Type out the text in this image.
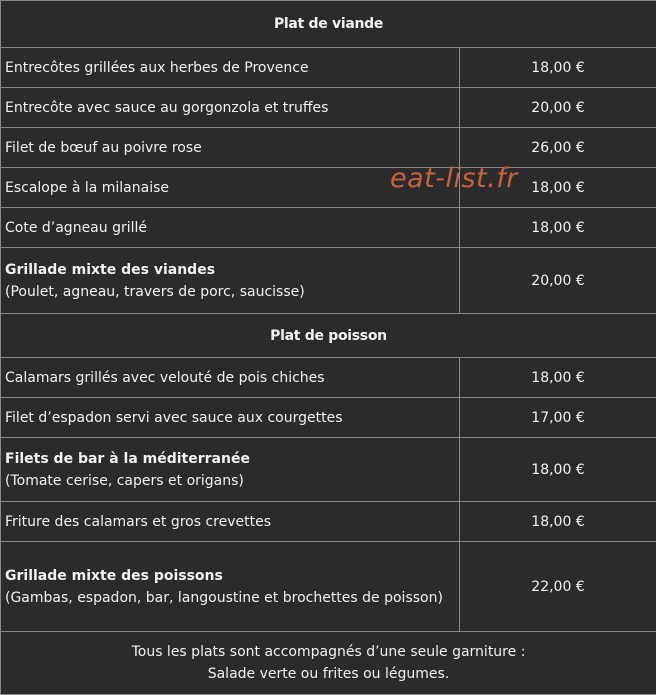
Plat de viande	
Entrecôtes grillées aux herbes de Provence	18,00 €
Entrecôte avec sauce au gorgonzola et truffes	20,00 €
Filet de bœuf au poivre rose	26,00 €
Escalope à la milanaise	18,00 €
Cote d’agneau grillé	18,00 €

Grillade mixte des viandes
(Poulet, agneau, travers de porc, saucisse)	20,00 €
Plat de poisson	
Calamars grillés avec velouté de pois chiches	18,00 €
Filet d’espadon servi avec sauce aux courgettes	17,00 €

Filets de bar à la méditerranée
(Tomate cerise, capers et origans)	18,00 €
Friture des calamars et gros crevettes	18,00 €

Grillade mixte des poissons
(Gambas, espadon, bar, langoustine et brochettes de poisson)	22,00 €

Tous les plats sont accompagnés d’une seule garniture :
Salade verte ou frites ou légumes.	
eat-list.fr
